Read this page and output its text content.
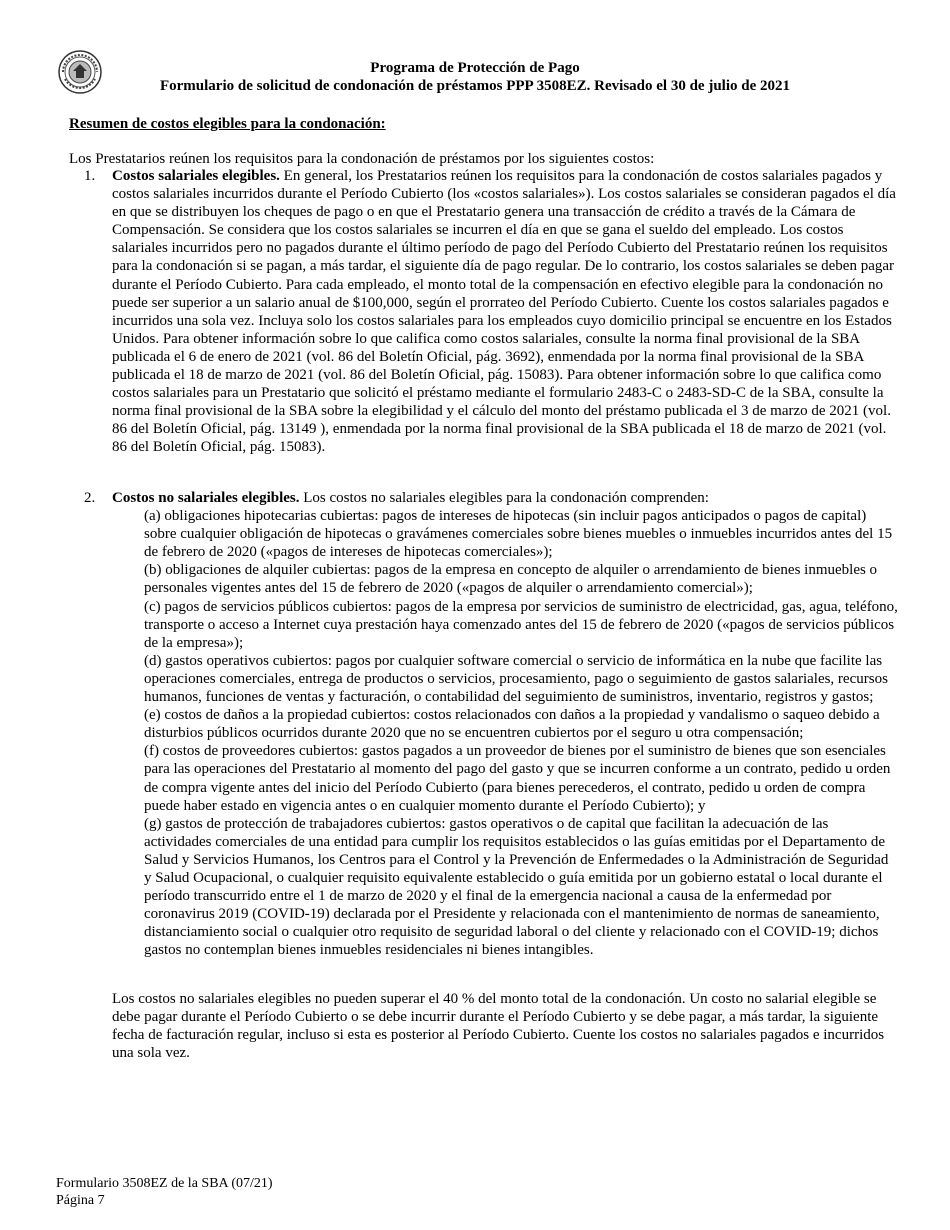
Programa de Protección de Pago
Formulario de solicitud de condonación de préstamos PPP 3508EZ. Revisado el 30 de julio de 2021
Resumen de costos elegibles para la condonación:

Los Prestatarios reúnen los requisitos para la condonación de préstamos por los siguientes costos:

1. Costos salariales elegibles. En general, los Prestatarios reúnen los requisitos para la condonación de costos salariales pagados y costos salariales incurridos durante el Período Cubierto (los «costos salariales»). Los costos salariales se consideran pagados el día en que se distribuyen los cheques de pago o en que el Prestatario genera una transacción de crédito a través de la Cámara de Compensación. Se considera que los costos salariales se incurren el día en que se gana el sueldo del empleado. Los costos salariales incurridos pero no pagados durante el último período de pago del Período Cubierto del Prestatario reúnen los requisitos para la condonación si se pagan, a más tardar, el siguiente día de pago regular. De lo contrario, los costos salariales se deben pagar durante el Período Cubierto. Para cada empleado, el monto total de la compensación en efectivo elegible para la condonación no puede ser superior a un salario anual de $100,000, según el prorrateo del Período Cubierto. Cuente los costos salariales pagados e incurridos una sola vez. Incluya solo los costos salariales para los empleados cuyo domicilio principal se encuentre en los Estados Unidos. Para obtener información sobre lo que califica como costos salariales, consulte la norma final provisional de la SBA publicada el 6 de enero de 2021 (vol. 86 del Boletín Oficial, pág. 3692), enmendada por la norma final provisional de la SBA publicada el 18 de marzo de 2021 (vol. 86 del Boletín Oficial, pág. 15083). Para obtener información sobre lo que califica como costos salariales para un Prestatario que solicitó el préstamo mediante el formulario 2483-C o 2483-SD-C de la SBA, consulte la norma final provisional de la SBA sobre la elegibilidad y el cálculo del monto del préstamo publicada el 3 de marzo de 2021 (vol. 86 del Boletín Oficial, pág. 13149 ), enmendada por la norma final provisional de la SBA publicada el 18 de marzo de 2021 (vol. 86 del Boletín Oficial, pág. 15083).

2. Costos no salariales elegibles. Los costos no salariales elegibles para la condonación comprenden:

(a) obligaciones hipotecarias cubiertas: pagos de intereses de hipotecas (sin incluir pagos anticipados o pagos de capital) sobre cualquier obligación de hipotecas o gravámenes comerciales sobre bienes muebles o inmuebles incurridos antes del 15 de febrero de 2020 («pagos de intereses de hipotecas comerciales»);

(b) obligaciones de alquiler cubiertas: pagos de la empresa en concepto de alquiler o arrendamiento de bienes inmuebles o personales vigentes antes del 15 de febrero de 2020 («pagos de alquiler o arrendamiento comercial»);

(c) pagos de servicios públicos cubiertos: pagos de la empresa por servicios de suministro de electricidad, gas, agua, teléfono, transporte o acceso a Internet cuya prestación haya comenzado antes del 15 de febrero de 2020 («pagos de servicios públicos de la empresa»);

(d) gastos operativos cubiertos: pagos por cualquier software comercial o servicio de informática en la nube que facilite las operaciones comerciales, entrega de productos o servicios, procesamiento, pago o seguimiento de gastos salariales, recursos humanos, funciones de ventas y facturación, o contabilidad del seguimiento de suministros, inventario, registros y gastos;

(e) costos de daños a la propiedad cubiertos: costos relacionados con daños a la propiedad y vandalismo o saqueo debido a disturbios públicos ocurridos durante 2020 que no se encuentren cubiertos por el seguro u otra compensación;

(f) costos de proveedores cubiertos: gastos pagados a un proveedor de bienes por el suministro de bienes que son esenciales para las operaciones del Prestatario al momento del pago del gasto y que se incurren conforme a un contrato, pedido u orden de compra vigente antes del inicio del Período Cubierto (para bienes perecederos, el contrato, pedido u orden de compra puede haber estado en vigencia antes o en cualquier momento durante el Período Cubierto); y

(g) gastos de protección de trabajadores cubiertos: gastos operativos o de capital que facilitan la adecuación de las actividades comerciales de una entidad para cumplir los requisitos establecidos o las guías emitidas por el Departamento de Salud y Servicios Humanos, los Centros para el Control y la Prevención de Enfermedades o la Administración de Seguridad y Salud Ocupacional, o cualquier requisito equivalente establecido o guía emitida por un gobierno estatal o local durante el período transcurrido entre el 1 de marzo de 2020 y el final de la emergencia nacional a causa de la enfermedad por coronavirus 2019 (COVID-19) declarada por el Presidente y relacionada con el mantenimiento de normas de saneamiento, distanciamiento social o cualquier otro requisito de seguridad laboral o del cliente y relacionado con el COVID-19; dichos gastos no contemplan bienes inmuebles residenciales ni bienes intangibles.

Los costos no salariales elegibles no pueden superar el 40 % del monto total de la condonación. Un costo no salarial elegible se debe pagar durante el Período Cubierto o se debe incurrir durante el Período Cubierto y se debe pagar, a más tardar, la siguiente fecha de facturación regular, incluso si esta es posterior al Período Cubierto. Cuente los costos no salariales pagados e incurridos una sola vez.

Formulario 3508EZ de la SBA (07/21)
Página 7
